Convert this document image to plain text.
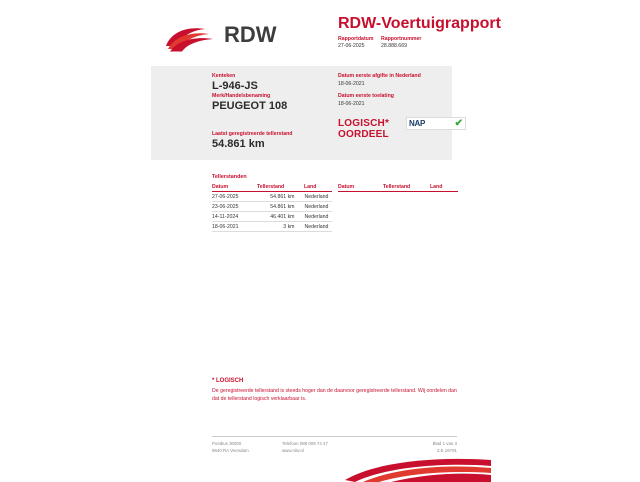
RDW	RDW-Voertuigrapport
Rapportdatum
27-06-2025
Rapportnummer
28.888.669
Kenteken
L-946-JS
Merk/Handelsbenaming
PEUGEOT 108
Laatst geregistreerde tellerstand
54.861 km
Datum eerste afgifte in Nederland
18-06-2021
Datum eerste toelating
18-06-2021
LOGISCH*
OORDEEL
NAP	✔
Tellerstanden
Datum	Tellerstand	Land
27-06-2025	54.861 km	Nederland
23-06-2025	54.861 km	Nederland
14-11-2024	46.401 km	Nederland
18-06-2021	3 km	Nederland
Datum	Tellerstand	Land
* LOGISCH
De geregistreerde tellerstand is steeds hoger dan de daarvoor geregistreerde tellerstand. Wij oordelen dan dat de tellerstand logisch verklaarbaar is.
Postbus 30000
9640 RA Veendam
Telefoon 088 008 74 47
www.rdw.nl
Blad 1 van 3
2.E.16791
